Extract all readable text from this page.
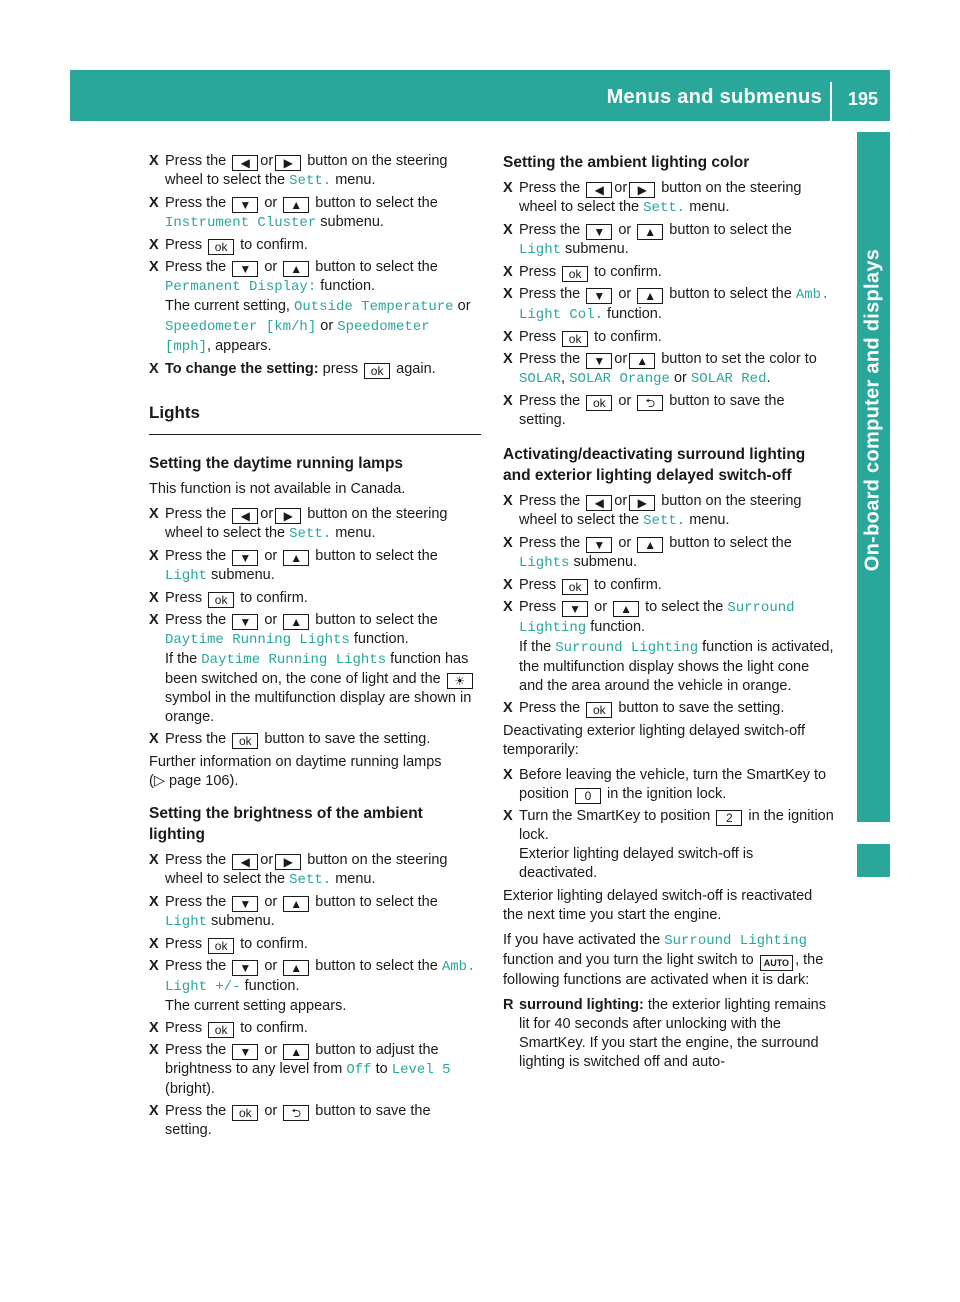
Menus and submenus 195
On-board computer and displays
X Press the ◀ or ▶ button on the steering wheel to select the Sett. menu.
X Press the ▼ or ▲ button to select the Instrument Cluster submenu.
X Press ok to confirm.
X Press the ▼ or ▲ button to select the Permanent Display: function.
The current setting, Outside Temperature or Speedometer [km/h] or Speedometer [mph], appears.
X To change the setting: press ok again.
Lights
Setting the daytime running lamps
This function is not available in Canada.
X Press the ◀ or ▶ button on the steering wheel to select the Sett. menu.
X Press the ▼ or ▲ button to select the Light submenu.
X Press ok to confirm.
X Press the ▼ or ▲ button to select the Daytime Running Lights function.
If the Daytime Running Lights function has been switched on, the cone of light and the ☀ symbol in the multifunction display are shown in orange.
X Press the ok button to save the setting.
Further information on daytime running lamps
(▷ page 106).
Setting the brightness of the ambient lighting
X Press the ◀ or ▶ button on the steering wheel to select the Sett. menu.
X Press the ▼ or ▲ button to select the Light submenu.
X Press ok to confirm.
X Press the ▼ or ▲ button to select the Amb. Light +/- function.
The current setting appears.
X Press ok to confirm.
X Press the ▼ or ▲ button to adjust the brightness to any level from Off to Level 5 (bright).
X Press the ok or ⮌ button to save the setting.
Setting the ambient lighting color
X Press the ◀ or ▶ button on the steering wheel to select the Sett. menu.
X Press the ▼ or ▲ button to select the Light submenu.
X Press ok to confirm.
X Press the ▼ or ▲ button to select the Amb. Light Col. function.
X Press ok to confirm.
X Press the ▼ or ▲ button to set the color to SOLAR, SOLAR Orange or SOLAR Red.
X Press the ok or ⮌ button to save the setting.
Activating/deactivating surround lighting and exterior lighting delayed switch-off
X Press the ◀ or ▶ button on the steering wheel to select the Sett. menu.
X Press the ▼ or ▲ button to select the Lights submenu.
X Press ok to confirm.
X Press ▼ or ▲ to select the Surround Lighting function.
If the Surround Lighting function is activated, the multifunction display shows the light cone and the area around the vehicle in orange.
X Press the ok button to save the setting.
Deactivating exterior lighting delayed switch-off temporarily:
X Before leaving the vehicle, turn the SmartKey to position 0 in the ignition lock.
X Turn the SmartKey to position 2 in the ignition lock.
Exterior lighting delayed switch-off is deactivated.
Exterior lighting delayed switch-off is reactivated the next time you start the engine.
If you have activated the Surround Lighting function and you turn the light switch to AUTO , the following functions are activated when it is dark:
R surround lighting: the exterior lighting remains lit for 40 seconds after unlocking with the SmartKey. If you start the engine, the surround lighting is switched off and auto-
